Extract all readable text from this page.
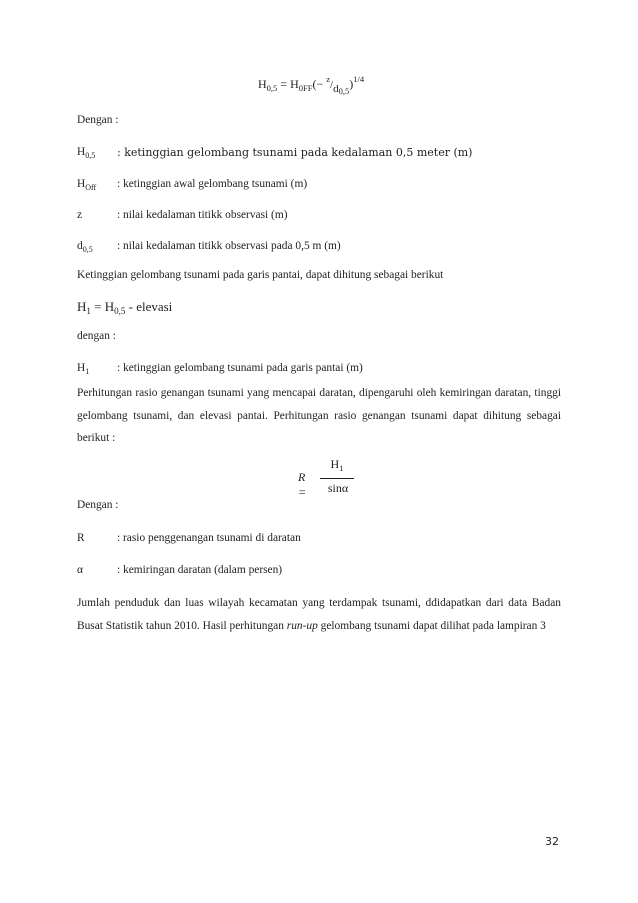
$H_{0,5} = H_{0FF}(- ^z/d_{0,5})^{1/4}$
Dengan :
$H_{0,5}$ : ketinggian gelombang tsunami pada kedalaman 0,5 meter (m)
$H_{Off}$ : ketinggian awal gelombang tsunami (m)
z	: nilai kedalaman titikk observasi (m)
$d_{0,5}$ : nilai kedalaman titikk observasi pada 0,5 m (m)
Ketinggian gelombang tsunami pada garis pantai, dapat dihitung sebagai berikut
$H_1 = H_{0,5}$ - elevasi
dengan :
$H_1$ : ketinggian gelombang tsunami pada garis pantai (m)
Perhitungan rasio genangan tsunami yang mencapai daratan, dipengaruhi oleh kemiringan daratan, tinggi gelombang tsunami, dan elevasi pantai. Perhitungan rasio genangan tsunami dapat dihitung sebagai berikut :
R =
$H_1$
sinα
Dengan :
R	: rasio penggenangan tsunami di daratan
α	: kemiringan daratan (dalam persen)
Jumlah penduduk dan luas wilayah kecamatan yang terdampak tsunami, ddidapatkan dari data Badan Busat Statistik tahun 2010. Hasil perhitungan run-up gelombang tsunami dapat dilihat pada lampiran 3
32
